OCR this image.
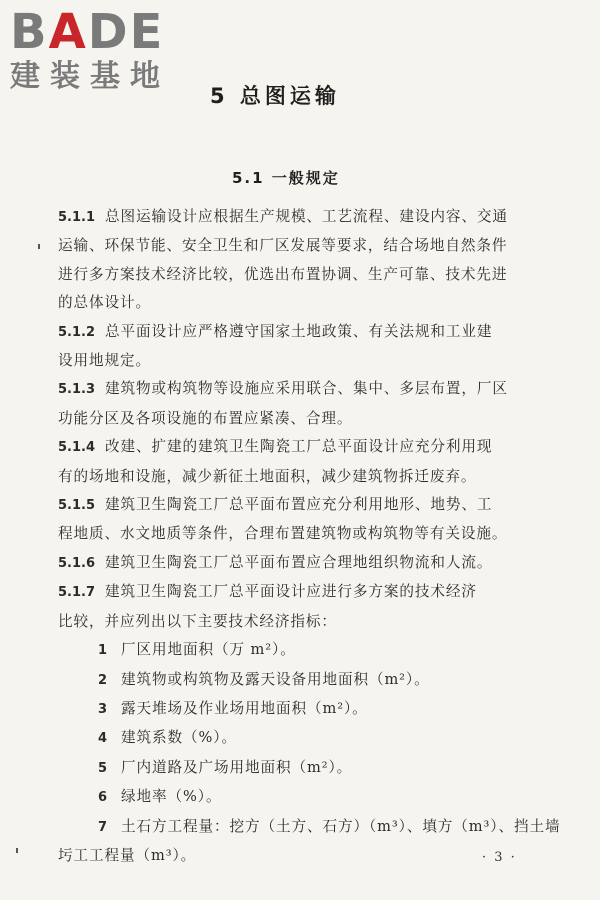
BADE
建装基地
5 总图运输
5.1 一般规定

5.1.1 总图运输设计应根据生产规模、工艺流程、建设内容、交通

运输、环保节能、安全卫生和厂区发展等要求，结合场地自然条件

进行多方案技术经济比较，优选出布置协调、生产可靠、技术先进

的总体设计。

5.1.2 总平面设计应严格遵守国家土地政策、有关法规和工业建

设用地规定。

5.1.3 建筑物或构筑物等设施应采用联合、集中、多层布置，厂区

功能分区及各项设施的布置应紧凑、合理。

5.1.4 改建、扩建的建筑卫生陶瓷工厂总平面设计应充分利用现

有的场地和设施，减少新征土地面积，减少建筑物拆迁废弃。

5.1.5 建筑卫生陶瓷工厂总平面布置应充分利用地形、地势、工

程地质、水文地质等条件，合理布置建筑物或构筑物等有关设施。

5.1.6 建筑卫生陶瓷工厂总平面布置应合理地组织物流和人流。

5.1.7 建筑卫生陶瓷工厂总平面设计应进行多方案的技术经济

比较，并应列出以下主要技术经济指标：

1 厂区用地面积（万 m²）。

2 建筑物或构筑物及露天设备用地面积（m²）。

3 露天堆场及作业场用地面积（m²）。

4 建筑系数（%）。

5 厂内道路及广场用地面积（m²）。

6 绿地率（%）。

7 土石方工程量：挖方（土方、石方）（m³）、填方（m³）、挡土墙

圬工工程量（m³）。	· 3 ·
